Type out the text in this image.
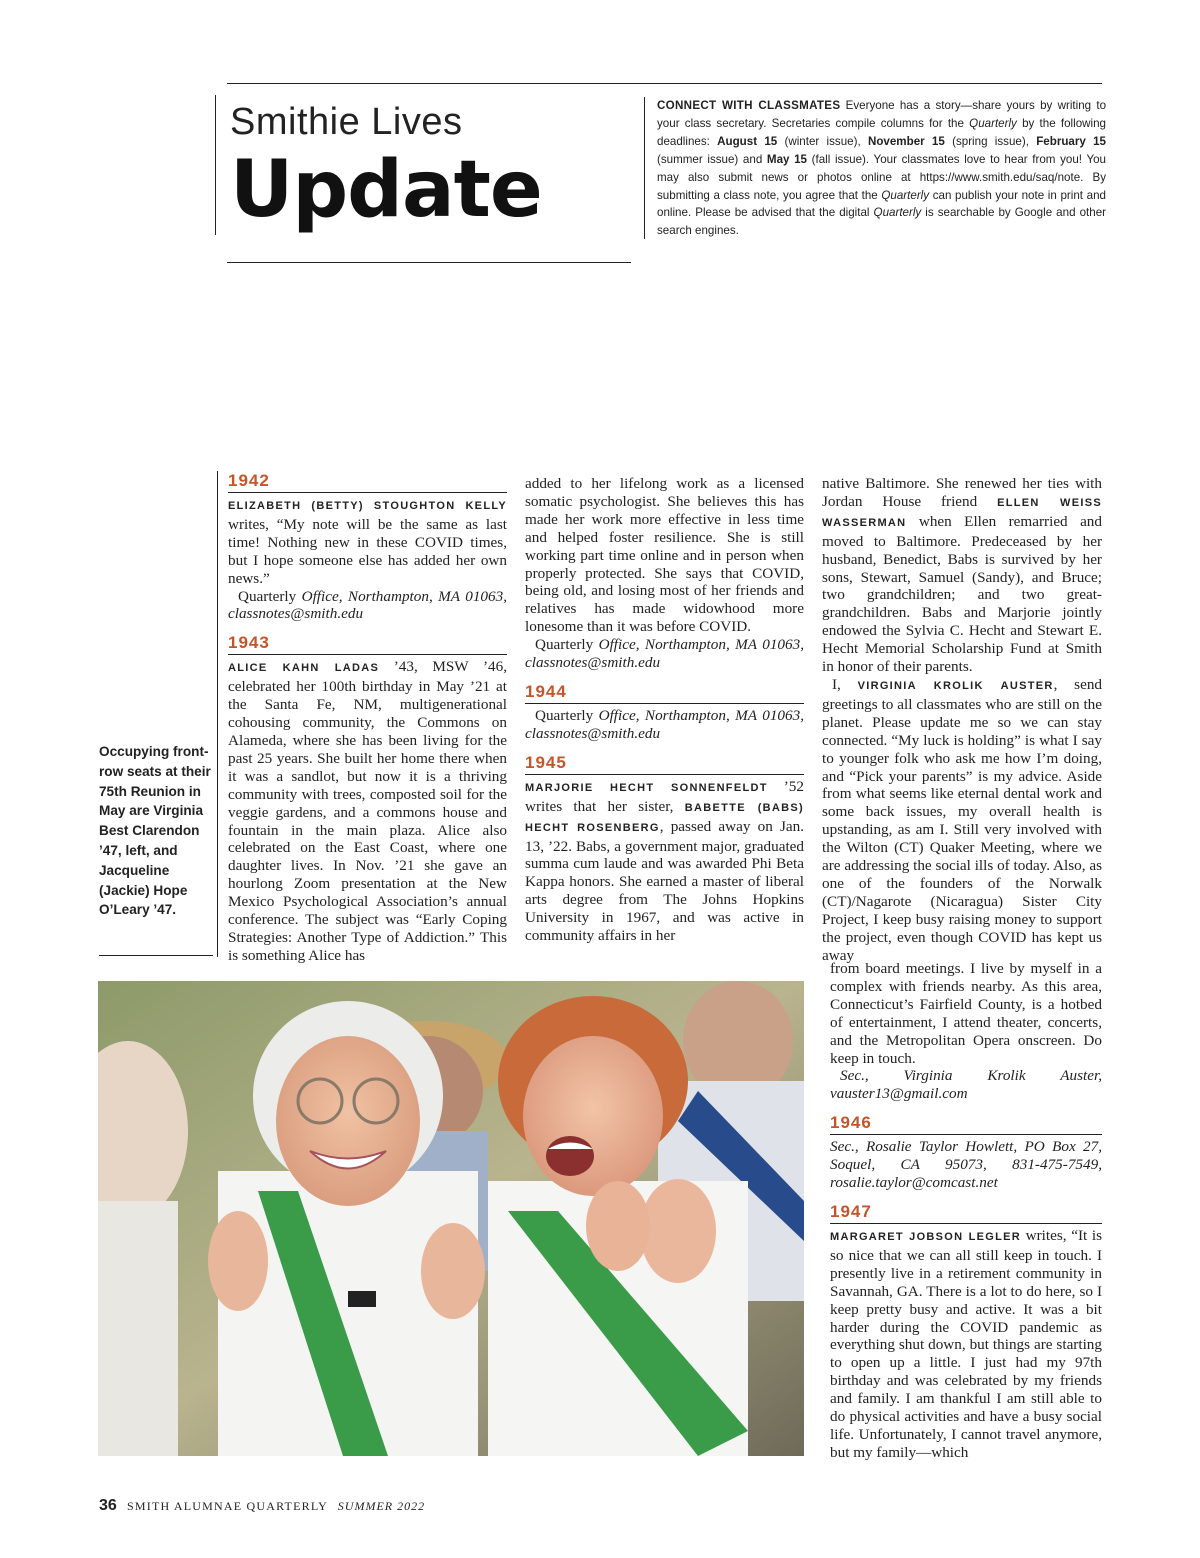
Smithie Lives
Update
CONNECT WITH CLASSMATES Everyone has a story—share yours by writing to your class secretary. Secretaries compile columns for the Quarterly by the following deadlines: August 15 (winter issue), November 15 (spring issue), February 15 (summer issue) and May 15 (fall issue). Your classmates love to hear from you! You may also submit news or photos online at https://www.smith.edu/saq/note. By submitting a class note, you agree that the Quarterly can publish your note in print and online. Please be advised that the digital Quarterly is searchable by Google and other search engines.
Occupying front-row seats at their 75th Reunion in May are Virginia Best Clarendon ’47, left, and Jacqueline (Jackie) Hope O’Leary ’47.
1942

ELIZABETH (BETTY) STOUGHTON KELLY writes, “My note will be the same as last time! Nothing new in these COVID times, but I hope someone else has added her own news.”

Quarterly Office, Northampton, MA 01063, classnotes@smith.edu

1943

ALICE KAHN LADAS ’43, MSW ’46, celebrated her 100th birthday in May ’21 at the Santa Fe, NM, multigenerational cohousing community, the Commons on Alameda, where she has been living for the past 25 years. She built her home there when it was a sandlot, but now it is a thriving community with trees, composted soil for the veggie gardens, and a commons house and fountain in the main plaza. Alice also celebrated on the East Coast, where one daughter lives. In Nov. ’21 she gave an hourlong Zoom presentation at the New Mexico Psychological Association’s annual conference. The subject was “Early Coping Strategies: Another Type of Addiction.” This is something Alice has

added to her lifelong work as a licensed somatic psychologist. She believes this has made her work more effective in less time and helped foster resilience. She is still working part time online and in person when properly protected. She says that COVID, being old, and losing most of her friends and relatives has made widowhood more lonesome than it was before COVID.

Quarterly Office, Northampton, MA 01063, classnotes@smith.edu

1944

Quarterly Office, Northampton, MA 01063, classnotes@smith.edu

1945

MARJORIE HECHT SONNENFELDT ’52 writes that her sister, BABETTE (BABS) HECHT ROSENBERG, passed away on Jan. 13, ’22. Babs, a government major, graduated summa cum laude and was awarded Phi Beta Kappa honors. She earned a master of liberal arts degree from The Johns Hopkins University in 1967, and was active in community affairs in her

native Baltimore. She renewed her ties with Jordan House friend ELLEN WEISS WASSERMAN when Ellen remarried and moved to Baltimore. Predeceased by her husband, Benedict, Babs is survived by her sons, Stewart, Samuel (Sandy), and Bruce; two grandchildren; and two great-grandchildren. Babs and Marjorie jointly endowed the Sylvia C. Hecht and Stewart E. Hecht Memorial Scholarship Fund at Smith in honor of their parents.

I, VIRGINIA KROLIK AUSTER, send greetings to all classmates who are still on the planet. Please update me so we can stay connected. “My luck is holding” is what I say to younger folk who ask me how I’m doing, and “Pick your parents” is my advice. Aside from what seems like eternal dental work and some back issues, my overall health is upstanding, as am I. Still very involved with the Wilton (CT) Quaker Meeting, where we are addressing the social ills of today. Also, as one of the founders of the Norwalk (CT)/Nagarote (Nicaragua) Sister City Project, I keep busy raising money to support the project, even though COVID has kept us away

from board meetings. I live by myself in a complex with friends nearby. As this area, Connecticut’s Fairfield County, is a hotbed of entertainment, I attend theater, concerts, and the Metropolitan Opera onscreen. Do keep in touch.

Sec., Virginia Krolik Auster, vauster13@gmail.com

1946

Sec., Rosalie Taylor Howlett, PO Box 27, Soquel, CA 95073, 831-475-7549, rosalie.taylor@comcast.net

1947

MARGARET JOBSON LEGLER writes, “It is so nice that we can all still keep in touch. I presently live in a retirement community in Savannah, GA. There is a lot to do here, so I keep pretty busy and active. It was a bit harder during the COVID pandemic as everything shut down, but things are starting to open up a little. I just had my 97th birthday and was celebrated by my friends and family. I am thankful I am still able to do physical activities and have a busy social life. Unfortunately, I cannot travel anymore, but my family—which

36 SMITH ALUMNAE QUARTERLY SUMMER 2022
